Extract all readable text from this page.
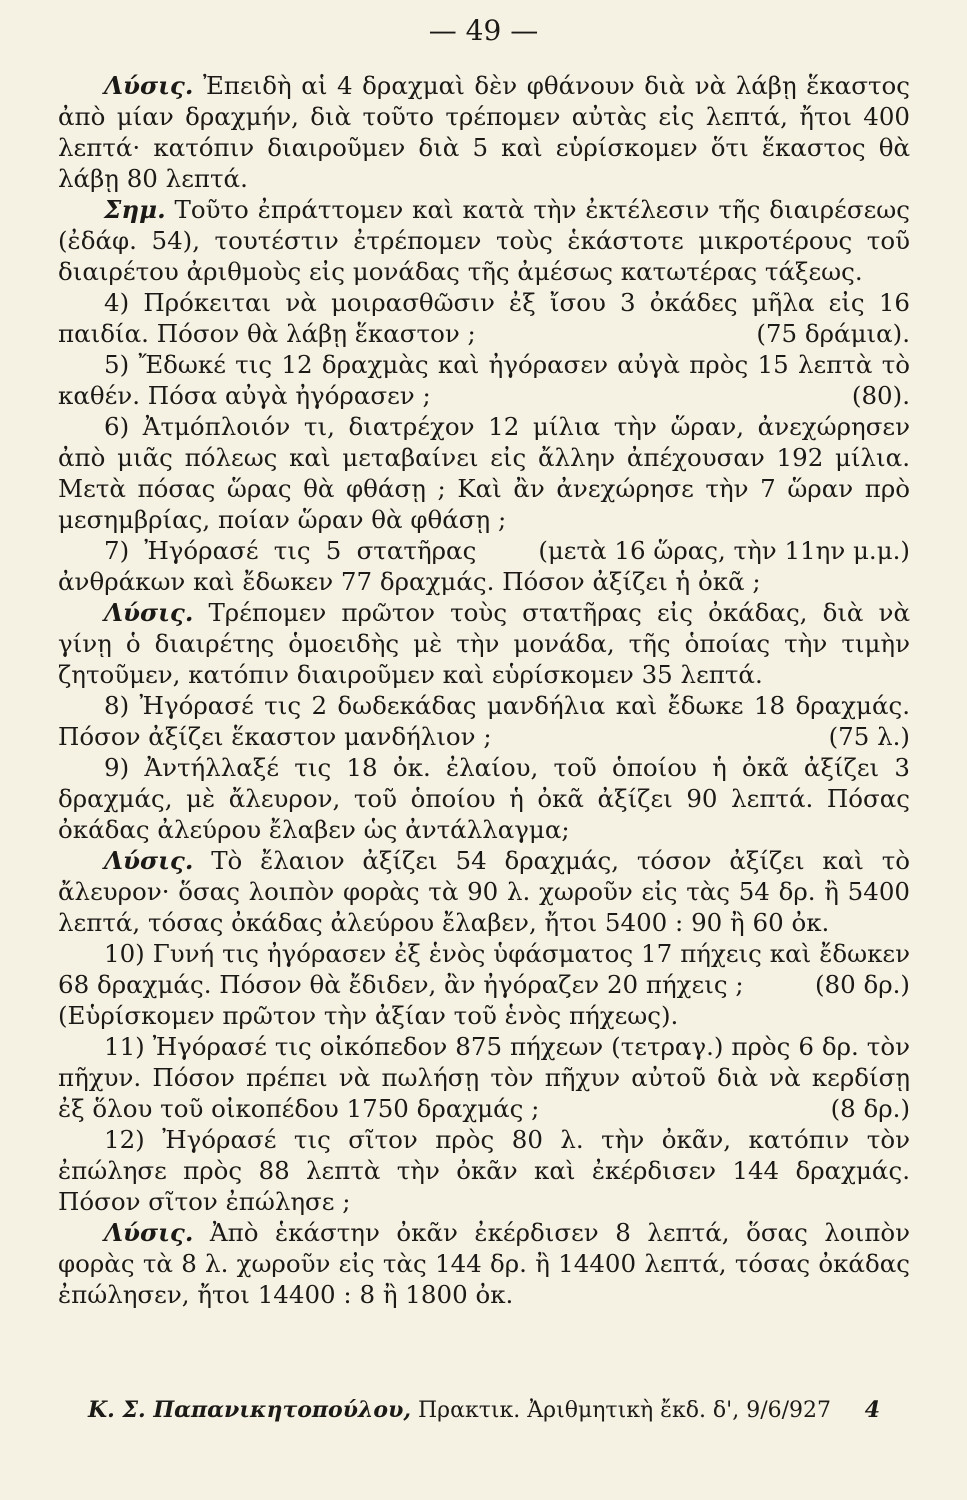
— 49 —

Λύσις. Ἐπειδὴ αἱ 4 δραχμαὶ δὲν φθάνουν διὰ νὰ λάβῃ ἕκαστος ἀπὸ μίαν δραχμήν, διὰ τοῦτο τρέπομεν αὐτὰς εἰς λεπτά, ἤτοι 400 λεπτά· κατόπιν διαιροῦμεν διὰ 5 καὶ εὑρίσκομεν ὅτι ἕκαστος θὰ λάβῃ 80 λεπτά.

Σημ. Τοῦτο ἐπράττομεν καὶ κατὰ τὴν ἐκτέλεσιν τῆς διαιρέσεως (ἐδάφ. 54), τουτέστιν ἐτρέπομεν τοὺς ἑκάστοτε μικροτέρους τοῦ διαιρέτου ἀριθμοὺς εἰς μονάδας τῆς ἀμέσως κατωτέρας τάξεως.

4) Πρόκειται νὰ μοιρασθῶσιν ἐξ ἴσου 3 ὀκάδες μῆλα εἰς 16 παιδία. Πόσον θὰ λάβῃ ἕκαστον ;	(75 δράμια).

5) Ἔδωκέ τις 12 δραχμὰς καὶ ἠγόρασεν αὐγὰ πρὸς 15 λεπτὰ τὸ καθέν. Πόσα αὐγὰ ἠγόρασεν ;	(80).

6) Ἀτμόπλοιόν τι, διατρέχον 12 μίλια τὴν ὥραν, ἀνεχώρησεν ἀπὸ μιᾶς πόλεως καὶ μεταβαίνει εἰς ἄλλην ἀπέχουσαν 192 μίλια. Μετὰ πόσας ὥρας θὰ φθάσῃ ; Καὶ ἂν ἀνεχώρησε τὴν 7 ὥραν πρὸ μεσημβρίας, ποίαν ὥραν θὰ φθάσῃ ;
(μετὰ 16 ὥρας, τὴν 11ην μ.μ.)

7) Ἠγόρασέ τις 5 στατῆρας ἀνθράκων καὶ ἔδωκεν 77 δραχμάς. Πόσον ἀξίζει ἡ ὀκᾶ ;

Λύσις. Τρέπομεν πρῶτον τοὺς στατῆρας εἰς ὀκάδας, διὰ νὰ γίνῃ ὁ διαιρέτης ὁμοειδὴς μὲ τὴν μονάδα, τῆς ὁποίας τὴν τιμὴν ζητοῦμεν, κατόπιν διαιροῦμεν καὶ εὑρίσκομεν 35 λεπτά.

8) Ἠγόρασέ τις 2 δωδεκάδας μανδήλια καὶ ἔδωκε 18 δραχμάς. Πόσον ἀξίζει ἕκαστον μανδήλιον ;	(75 λ.)

9) Ἀντήλλαξέ τις 18 ὀκ. ἐλαίου, τοῦ ὁποίου ἡ ὀκᾶ ἀξίζει 3 δραχμάς, μὲ ἄλευρον, τοῦ ὁποίου ἡ ὀκᾶ ἀξίζει 90 λεπτά. Πόσας ὀκάδας ἀλεύρου ἔλαβεν ὡς ἀντάλλαγμα;

Λύσις. Τὸ ἔλαιον ἀξίζει 54 δραχμάς, τόσον ἀξίζει καὶ τὸ ἄλευρον· ὅσας λοιπὸν φορὰς τὰ 90 λ. χωροῦν εἰς τὰς 54 δρ. ἢ 5400 λεπτά, τόσας ὀκάδας ἀλεύρου ἔλαβεν, ἤτοι 5400 : 90 ἢ 60 ὀκ.

10) Γυνή τις ἠγόρασεν ἐξ ἑνὸς ὑφάσματος 17 πήχεις καὶ ἔδωκεν 68 δραχμάς. Πόσον θὰ ἔδιδεν, ἂν ἠγόραζεν 20 πήχεις ;	(80 δρ.)

(Εὑρίσκομεν πρῶτον τὴν ἀξίαν τοῦ ἑνὸς πήχεως).

11) Ἠγόρασέ τις οἰκόπεδον 875 πήχεων (τετραγ.) πρὸς 6 δρ. τὸν πῆχυν. Πόσον πρέπει νὰ πωλήσῃ τὸν πῆχυν αὐτοῦ διὰ νὰ κερδίσῃ ἐξ ὅλου τοῦ οἰκοπέδου 1750 δραχμάς ;	(8 δρ.)

12) Ἠγόρασέ τις σῖτον πρὸς 80 λ. τὴν ὀκᾶν, κατόπιν τὸν ἐπώλησε πρὸς 88 λεπτὰ τὴν ὀκᾶν καὶ ἐκέρδισεν 144 δραχμάς. Πόσον σῖτον ἐπώλησε ;

Λύσις. Ἀπὸ ἑκάστην ὀκᾶν ἐκέρδισεν 8 λεπτά, ὅσας λοιπὸν φορὰς τὰ 8 λ. χωροῦν εἰς τὰς 144 δρ. ἢ 14400 λεπτά, τόσας ὀκάδας ἐπώλησεν, ἤτοι 14400 : 8 ἢ 1800 ὀκ.

Κ. Σ. Παπανικητοπούλου, Πρακτικ. Ἀριθμητικὴ ἔκδ. δ', 9/6/927 4
